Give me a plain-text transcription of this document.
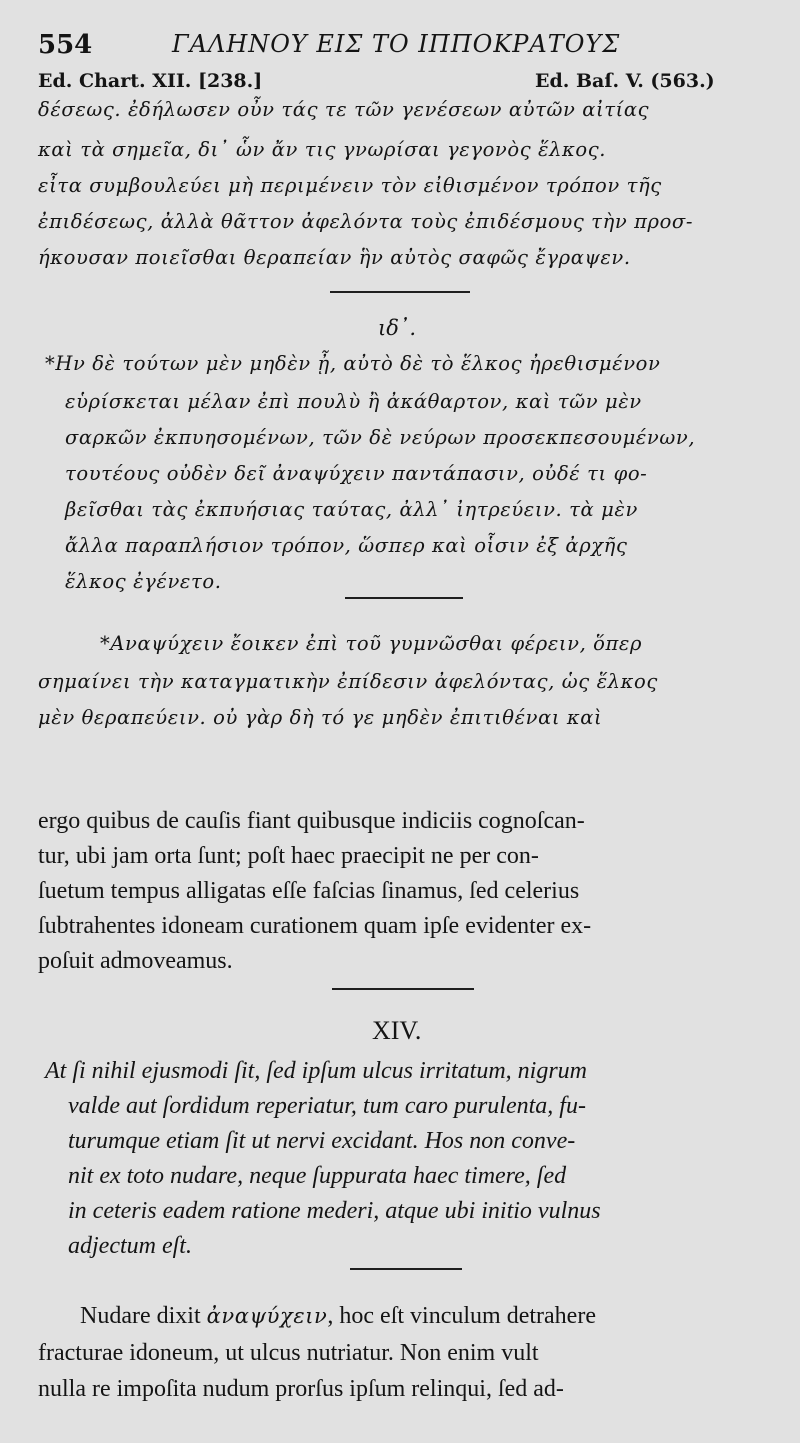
554	ΓΑΛΗΝΟΥ ΕΙΣ ΤΟ ΙΠΠΟΚΡΑΤΟΥΣ
Ed. Chart. XII. [238.]	Ed. Baſ. V. (563.)
δέσεως. ἐδήλωσεν οὖν τάς τε τῶν γενέσεων αὐτῶν αἰτίας
καὶ τὰ σημεῖα, δι᾽ ὧν ἄν τις γνωρίσαι γεγονὸς ἕλκος.
εἶτα συμβουλεύει μὴ περιμένειν τὸν εἰθισμένον τρόπον τῆς
ἐπιδέσεως, ἀλλὰ θᾶττον ἀφελόντα τοὺς ἐπιδέσμους τὴν προσ-
ήκουσαν ποιεῖσθαι θεραπείαν ἣν αὐτὸς σαφῶς ἔγραψεν.
ιδ᾽.
*Ην δὲ τούτων μὲν μηδὲν ᾖ, αὐτὸ δὲ τὸ ἕλκος ἠρεθισμένον
εὑρίσκεται μέλαν ἐπὶ πουλὺ ἢ ἀκάθαρτον, καὶ τῶν μὲν
σαρκῶν ἐκπυησομένων, τῶν δὲ νεύρων προσεκπεσουμένων,
τουτέους οὐδὲν δεῖ ἀναψύχειν παντάπασιν, οὐδέ τι φο-
βεῖσθαι τὰς ἐκπυήσιας ταύτας, ἀλλ᾽ ἰητρεύειν. τὰ μὲν
ἄλλα παραπλήσιον τρόπον, ὥσπερ καὶ οἷσιν ἐξ ἀρχῆς
ἕλκος ἐγένετο.
*Αναψύχειν ἔοικεν ἐπὶ τοῦ γυμνῶσθαι φέρειν, ὅπερ
σημαίνει τὴν καταγματικὴν ἐπίδεσιν ἀφελόντας, ὡς ἕλκος
μὲν θεραπεύειν. οὐ γὰρ δὴ τό γε μηδὲν ἐπιτιθέναι καὶ
ergo quibus de cauſis fiant quibusque indiciis cognoſcan-
tur, ubi jam orta ſunt; poſt haec praecipit ne per con-
ſuetum tempus alligatas eſſe faſcias ſinamus, ſed celerius
ſubtrahentes idoneam curationem quam ipſe evidenter ex-
poſuit admoveamus.
XIV.
At ſi nihil ejusmodi ſit, ſed ipſum ulcus irritatum, nigrum
valde aut ſordidum reperiatur, tum caro purulenta, fu-
turumque etiam ſit ut nervi excidant. Hos non conve-
nit ex toto nudare, neque ſuppurata haec timere, ſed
in ceteris eadem ratione mederi, atque ubi initio vulnus
adjectum eſt.
Nudare dixit ἀναψύχειν, hoc eſt vinculum detrahere
fracturae idoneum, ut ulcus nutriatur. Non enim vult
nulla re impoſita nudum prorſus ipſum relinqui, ſed ad-
